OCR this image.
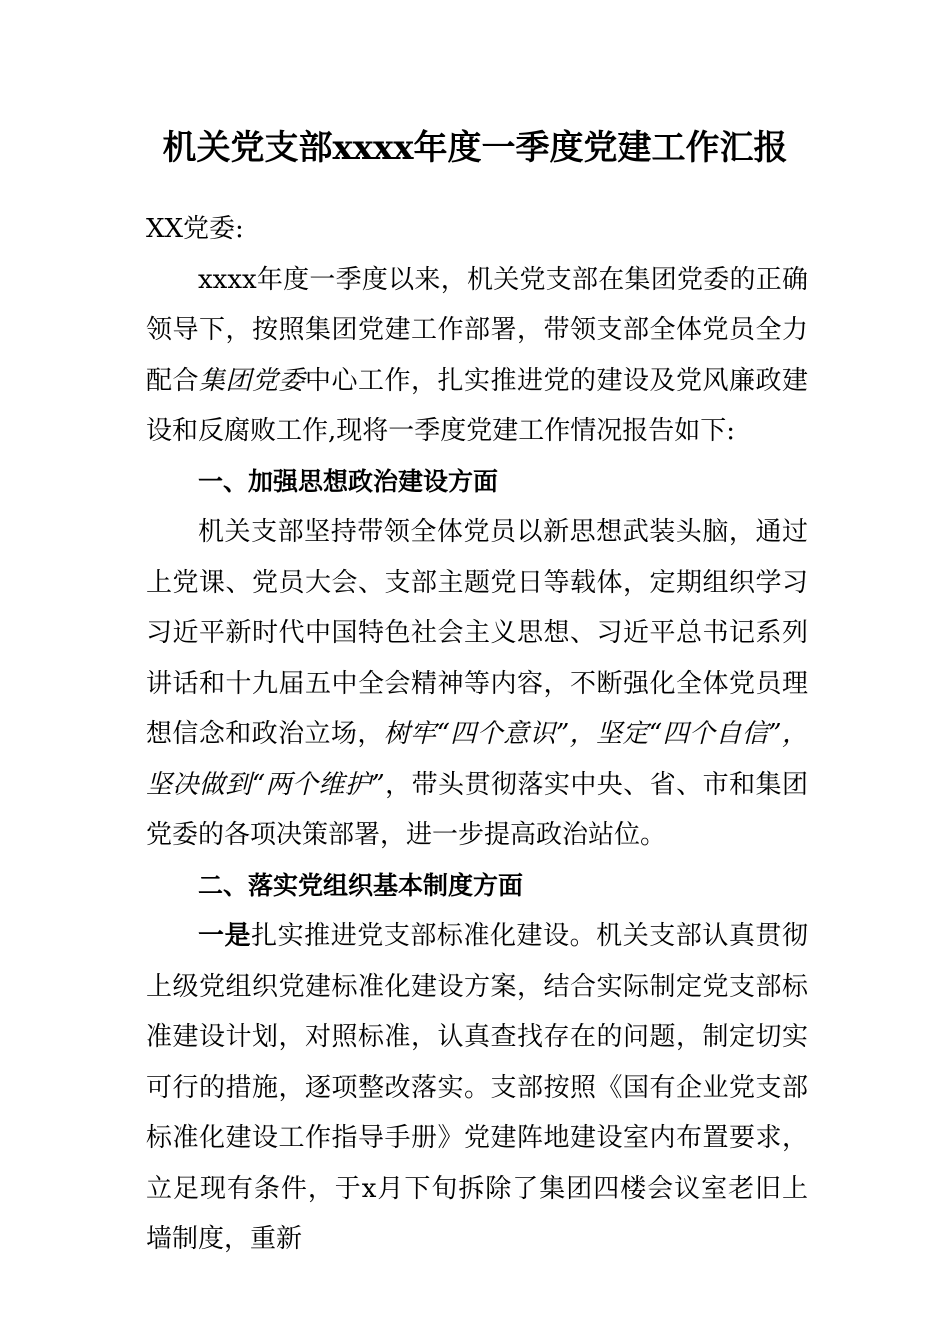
机关党支部xxxx年度一季度党建工作汇报

XX党委:

xxxx年度一季度以来，机关党支部在集团党委的正确领导下，按照集团党建工作部署，带领支部全体党员全力配合集团党委中心工作，扎实推进党的建设及党风廉政建设和反腐败工作,现将一季度党建工作情况报告如下:

一、加强思想政治建设方面

机关支部坚持带领全体党员以新思想武装头脑，通过上党课、党员大会、支部主题党日等载体，定期组织学习习近平新时代中国特色社会主义思想、习近平总书记系列讲话和十九届五中全会精神等内容，不断强化全体党员理想信念和政治立场，树牢“四个意识”，坚定“四个自信”，坚决做到“两个维护”，带头贯彻落实中央、省、市和集团党委的各项决策部署，进一步提高政治站位。

二、落实党组织基本制度方面

一是扎实推进党支部标准化建设。机关支部认真贯彻上级党组织党建标准化建设方案，结合实际制定党支部标准建设计划，对照标准，认真查找存在的问题，制定切实可行的措施，逐项整改落实。支部按照《国有企业党支部标准化建设工作指导手册》党建阵地建设室内布置要求，立足现有条件，于x月下旬拆除了集团四楼会议室老旧上墙制度，重新
